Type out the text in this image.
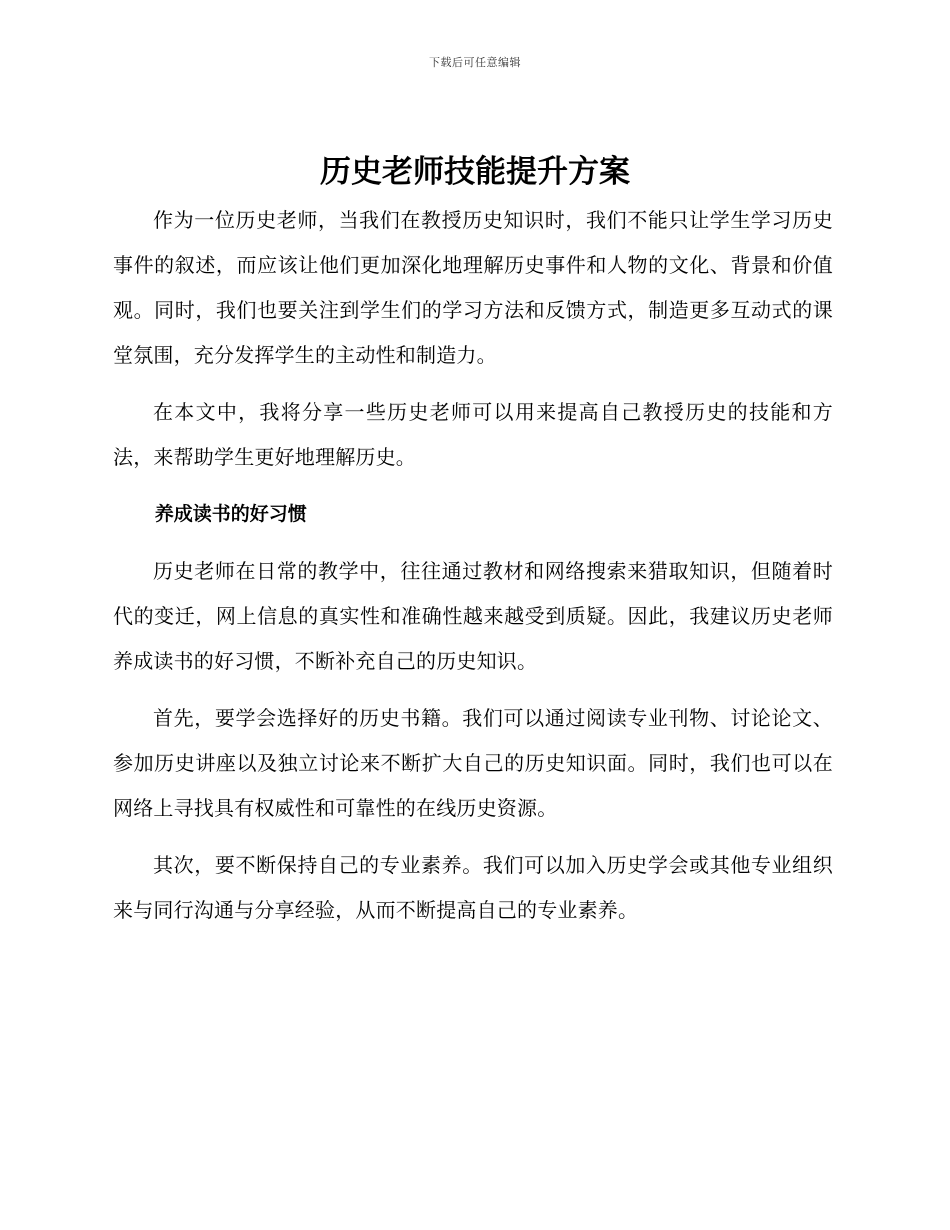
下载后可任意编辑
历史老师技能提升方案

作为一位历史老师，当我们在教授历史知识时，我们不能只让学生学习历史事件的叙述，而应该让他们更加深化地理解历史事件和人物的文化、背景和价值观。同时，我们也要关注到学生们的学习方法和反馈方式，制造更多互动式的课堂氛围，充分发挥学生的主动性和制造力。

在本文中，我将分享一些历史老师可以用来提高自己教授历史的技能和方法，来帮助学生更好地理解历史。

养成读书的好习惯

历史老师在日常的教学中，往往通过教材和网络搜索来猎取知识，但随着时代的变迁，网上信息的真实性和准确性越来越受到质疑。因此，我建议历史老师养成读书的好习惯，不断补充自己的历史知识。

首先，要学会选择好的历史书籍。我们可以通过阅读专业刊物、讨论论文、参加历史讲座以及独立讨论来不断扩大自己的历史知识面。同时，我们也可以在网络上寻找具有权威性和可靠性的在线历史资源。

其次，要不断保持自己的专业素养。我们可以加入历史学会或其他专业组织来与同行沟通与分享经验，从而不断提高自己的专业素养。
